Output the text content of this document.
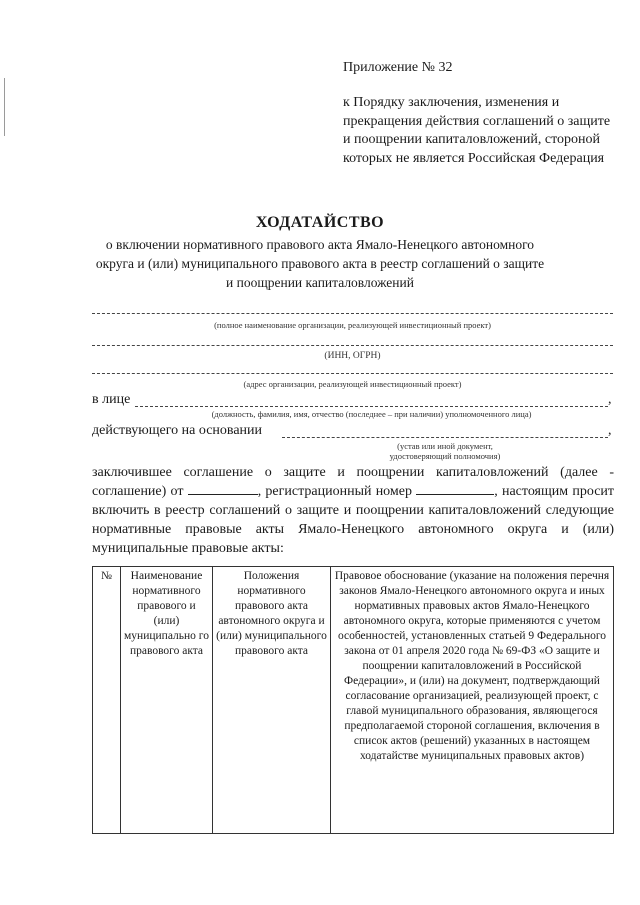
Приложение № 32

к Порядку заключения, изменения и прекращения действия соглашений о защите и поощрении капиталовложений, стороной которых не является Российская Федерация

ХОДАТАЙСТВО

о включении нормативного правового акта Ямало-Ненецкого автономного округа и (или) муниципального правового акта в реестр соглашений о защите и поощрении капиталовложений

(полное наименование организации, реализующей инвестиционный проект)
(ИНН, ОГРН)
(адрес организации, реализующей инвестиционный проект)
в лице	,
(должность, фамилия, имя, отчество (последнее – при наличии) уполномоченного лица)
действующего на основании	,
(устав или иной документ,
удостоверяющий полномочия)

заключившее соглашение о защите и поощрении капиталовложений (далее - соглашение) от	, регистрационный номер	, настоящим просит включить в реестр соглашений о защите и поощрении капиталовложений следующие нормативные правовые акты Ямало-Ненецкого автономного округа и (или) муниципальные правовые акты:

№	Наименование нормативного правового и (или) муниципально го правового акта	Положения нормативного правового акта автономного округа и (или) муниципального правового акта	Правовое обоснование (указание на положения перечня законов Ямало-Ненецкого автономного округа и иных нормативных правовых актов Ямало-Ненецкого автономного округа, которые применяются с учетом особенностей, установленных статьей 9 Федерального закона от 01 апреля 2020 года № 69-ФЗ «О защите и поощрении капиталовложений в Российской Федерации», и (или) на документ, подтверждающий согласование организацией, реализующей проект, с главой муниципального образования, являющегося предполагаемой стороной соглашения, включения в список актов (решений) указанных в настоящем ходатайстве муниципальных правовых актов)
